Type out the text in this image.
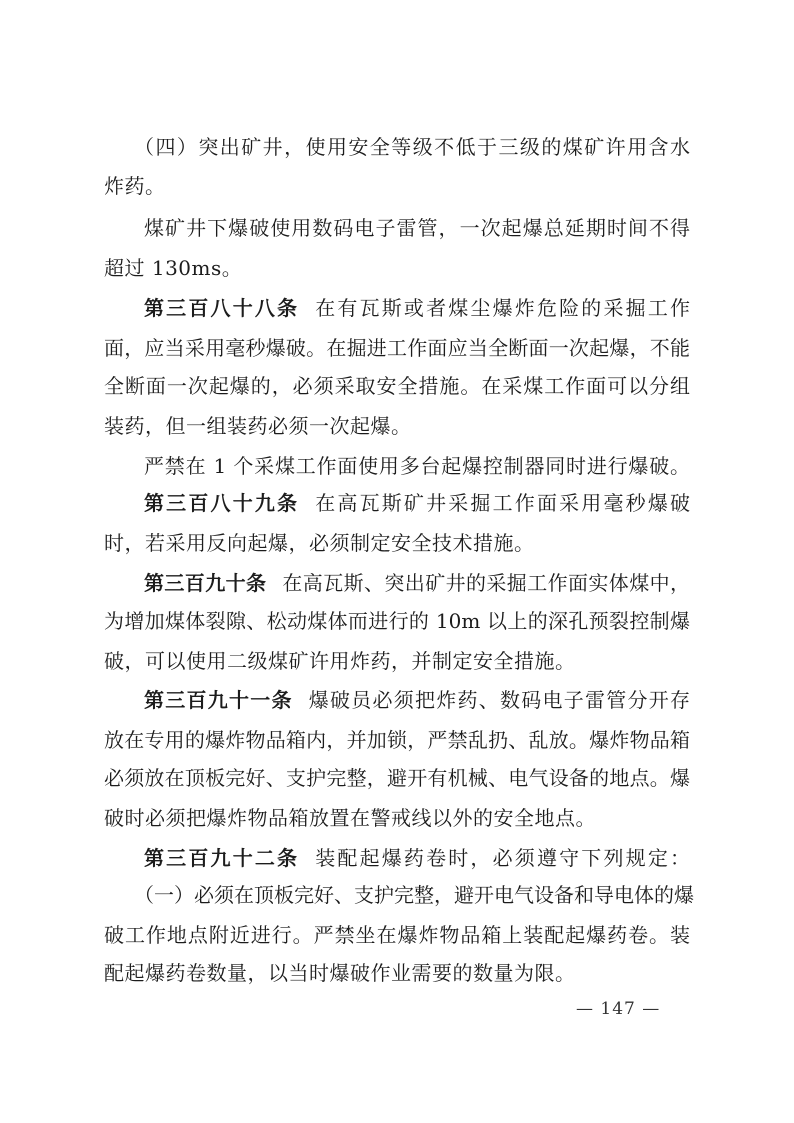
（四）突出矿井，使用安全等级不低于三级的煤矿许用含水
炸药。
煤矿井下爆破使用数码电子雷管，一次起爆总延期时间不得
超过 130ms。
第三百八十八条 在有瓦斯或者煤尘爆炸危险的采掘工作
面，应当采用毫秒爆破。在掘进工作面应当全断面一次起爆，不能
全断面一次起爆的，必须采取安全措施。在采煤工作面可以分组
装药，但一组装药必须一次起爆。
严禁在 1 个采煤工作面使用多台起爆控制器同时进行爆破。
第三百八十九条 在高瓦斯矿井采掘工作面采用毫秒爆破
时，若采用反向起爆，必须制定安全技术措施。
第三百九十条 在高瓦斯、突出矿井的采掘工作面实体煤中，
为增加煤体裂隙、松动煤体而进行的 10m 以上的深孔预裂控制爆
破，可以使用二级煤矿许用炸药，并制定安全措施。
第三百九十一条 爆破员必须把炸药、数码电子雷管分开存
放在专用的爆炸物品箱内，并加锁，严禁乱扔、乱放。爆炸物品箱
必须放在顶板完好、支护完整，避开有机械、电气设备的地点。爆
破时必须把爆炸物品箱放置在警戒线以外的安全地点。
第三百九十二条 装配起爆药卷时，必须遵守下列规定：
（一）必须在顶板完好、支护完整，避开电气设备和导电体的爆
破工作地点附近进行。严禁坐在爆炸物品箱上装配起爆药卷。装
配起爆药卷数量，以当时爆破作业需要的数量为限。
— 147 —
